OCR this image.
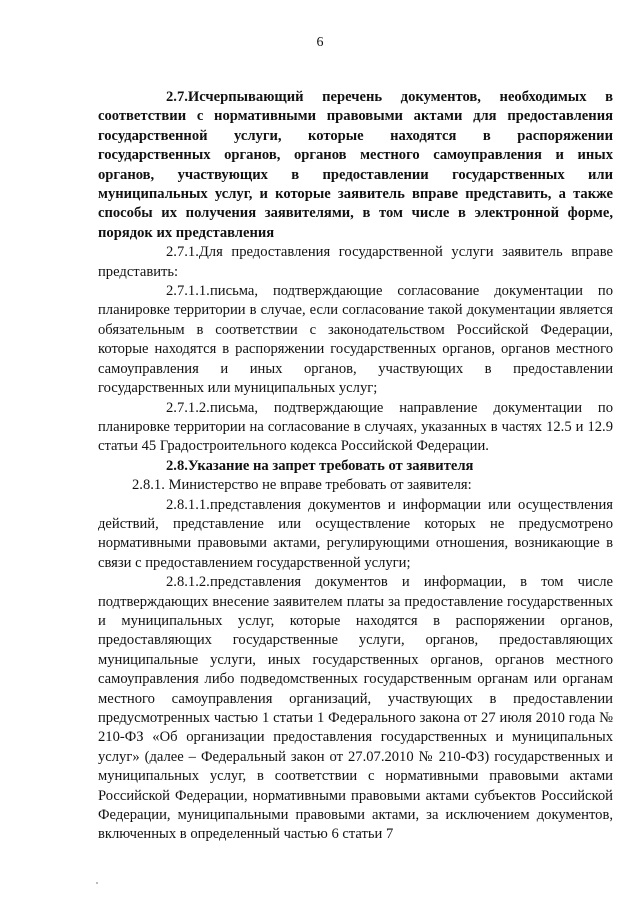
6

2.7.Исчерпывающий перечень документов, необходимых в соответствии с нормативными правовыми актами для предоставления государственной услуги, которые находятся в распоряжении государственных органов, органов местного самоуправления и иных органов, участвующих в предоставлении государственных или муниципальных услуг, и которые заявитель вправе представить, а также способы их получения заявителями, в том числе в электронной форме, порядок их представления

2.7.1.Для предоставления государственной услуги заявитель вправе представить:

2.7.1.1.письма, подтверждающие согласование документации по планировке территории в случае, если согласование такой документации является обязательным в соответствии с законодательством Российской Федерации, которые находятся в распоряжении государственных органов, органов местного самоуправления и иных органов, участвующих в предоставлении государственных или муниципальных услуг;

2.7.1.2.письма, подтверждающие направление документации по планировке территории на согласование в случаях, указанных в частях 12.5 и 12.9 статьи 45 Градостроительного кодекса Российской Федерации.

2.8.Указание на запрет требовать от заявителя

2.8.1. Министерство не вправе требовать от заявителя:

2.8.1.1.представления документов и информации или осуществления действий, представление или осуществление которых не предусмотрено нормативными правовыми актами, регулирующими отношения, возникающие в связи с предоставлением государственной услуги;

2.8.1.2.представления документов и информации, в том числе подтверждающих внесение заявителем платы за предоставление государственных и муниципальных услуг, которые находятся в распоряжении органов, предоставляющих государственные услуги, органов, предоставляющих муниципальные услуги, иных государственных органов, органов местного самоуправления либо подведомственных государственным органам или органам местного самоуправления организаций, участвующих в предоставлении предусмотренных частью 1 статьи 1 Федерального закона от 27 июля 2010 года № 210-ФЗ «Об организации предоставления государственных и муниципальных услуг» (далее – Федеральный закон от 27.07.2010 № 210-ФЗ) государственных и муниципальных услуг, в соответствии с нормативными правовыми актами Российской Федерации, нормативными правовыми актами субъектов Российской Федерации, муниципальными правовыми актами, за исключением документов, включенных в определенный частью 6 статьи 7
